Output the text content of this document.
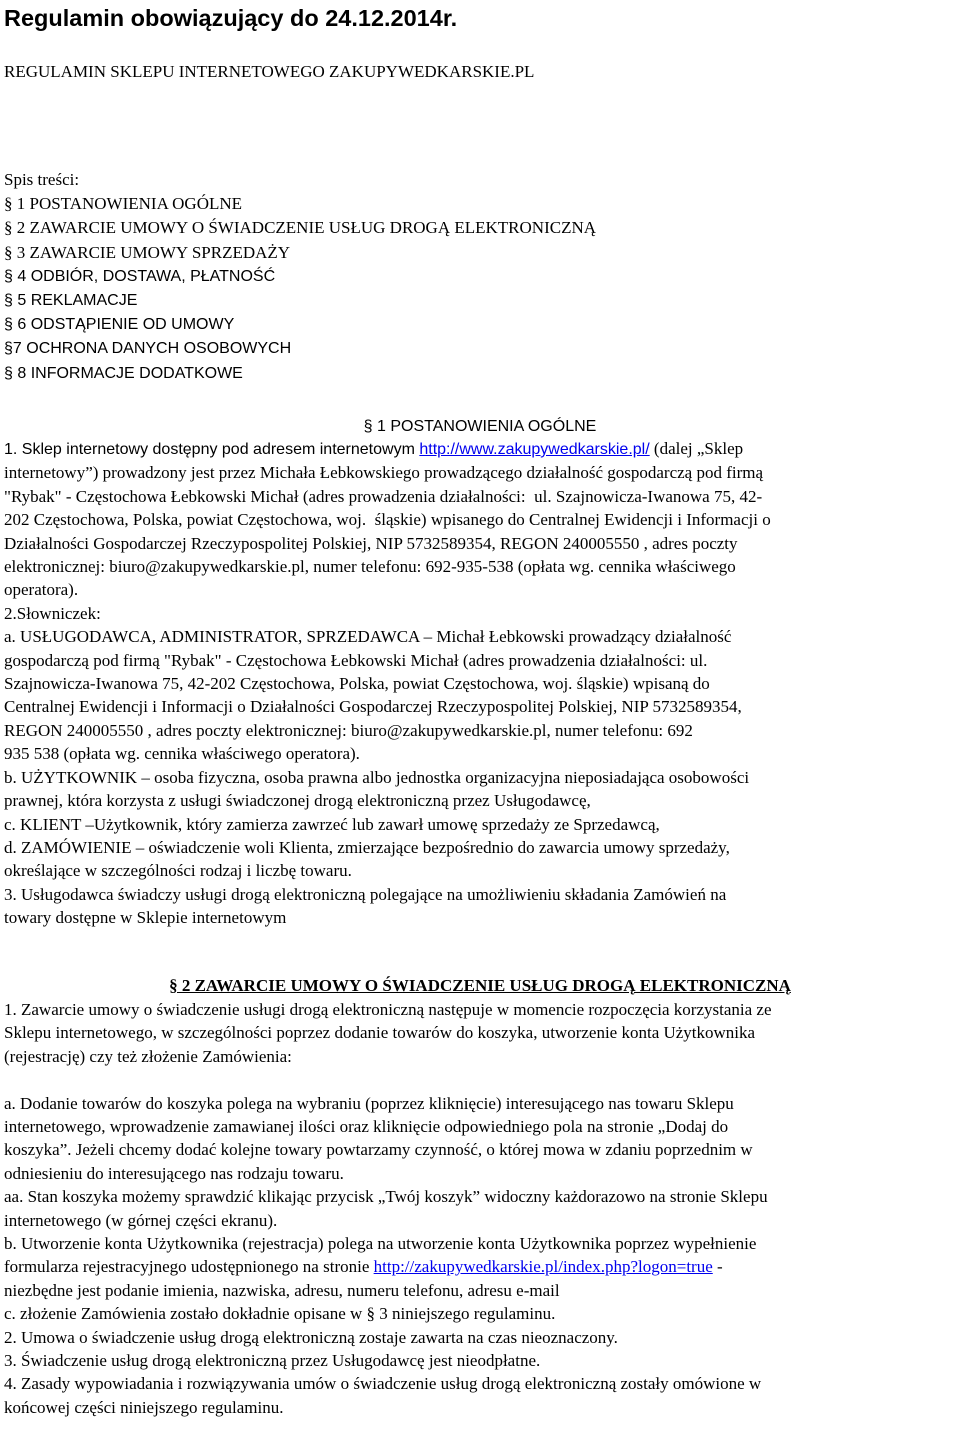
Regulamin obowiązujący do 24.12.2014r.
REGULAMIN SKLEPU INTERNETOWEGO ZAKUPYWEDKARSKIE.PL
Spis treści:
§ 1 POSTANOWIENIA OGÓLNE
§ 2 ZAWARCIE UMOWY O ŚWIADCZENIE USŁUG DROGĄ ELEKTRONICZNĄ
§ 3 ZAWARCIE UMOWY SPRZEDAŻY
§ 4 ODBIÓR, DOSTAWA, PŁATNOŚĆ
§ 5 REKLAMACJE
§ 6 ODSTĄPIENIE OD UMOWY
§7 OCHRONA DANYCH OSOBOWYCH
§ 8 INFORMACJE DODATKOWE
§ 1 POSTANOWIENIA OGÓLNE
1. Sklep internetowy dostępny pod adresem internetowym http://www.zakupywedkarskie.pl/ (dalej „Sklep
internetowy”) prowadzony jest przez Michała Łebkowskiego prowadzącego działalność gospodarczą pod firmą
"Rybak" - Częstochowa Łebkowski Michał (adres prowadzenia działalności: ul. Szajnowicza-Iwanowa 75, 42-
202 Częstochowa, Polska, powiat Częstochowa, woj. śląskie) wpisanego do Centralnej Ewidencji i Informacji o
Działalności Gospodarczej Rzeczypospolitej Polskiej, NIP 5732589354, REGON 240005550 , adres poczty
elektronicznej: biuro@zakupywedkarskie.pl, numer telefonu: 692-935-538 (opłata wg. cennika właściwego
operatora).
2.Słowniczek:
a. USŁUGODAWCA, ADMINISTRATOR, SPRZEDAWCA – Michał Łebkowski prowadzący działalność
gospodarczą pod firmą "Rybak" - Częstochowa Łebkowski Michał (adres prowadzenia działalności: ul.
Szajnowicza-Iwanowa 75, 42-202 Częstochowa, Polska, powiat Częstochowa, woj. śląskie) wpisaną do
Centralnej Ewidencji i Informacji o Działalności Gospodarczej Rzeczypospolitej Polskiej, NIP 5732589354,
REGON 240005550 , adres poczty elektronicznej: biuro@zakupywedkarskie.pl, numer telefonu: 692
935 538 (opłata wg. cennika właściwego operatora).
b. UŻYTKOWNIK – osoba fizyczna, osoba prawna albo jednostka organizacyjna nieposiadająca osobowości
prawnej, która korzysta z usługi świadczonej drogą elektroniczną przez Usługodawcę,
c. KLIENT –Użytkownik, który zamierza zawrzeć lub zawarł umowę sprzedaży ze Sprzedawcą,
d. ZAMÓWIENIE – oświadczenie woli Klienta, zmierzające bezpośrednio do zawarcia umowy sprzedaży,
określające w szczególności rodzaj i liczbę towaru.
3. Usługodawca świadczy usługi drogą elektroniczną polegające na umożliwieniu składania Zamówień na
towary dostępne w Sklepie internetowym
§ 2 ZAWARCIE UMOWY O ŚWIADCZENIE USŁUG DROGĄ ELEKTRONICZNĄ
1. Zawarcie umowy o świadczenie usługi drogą elektroniczną następuje w momencie rozpoczęcia korzystania ze
Sklepu internetowego, w szczególności poprzez dodanie towarów do koszyka, utworzenie konta Użytkownika
(rejestrację) czy też złożenie Zamówienia:
a. Dodanie towarów do koszyka polega na wybraniu (poprzez kliknięcie) interesującego nas towaru Sklepu
internetowego, wprowadzenie zamawianej ilości oraz kliknięcie odpowiedniego pola na stronie „Dodaj do
koszyka”. Jeżeli chcemy dodać kolejne towary powtarzamy czynność, o której mowa w zdaniu poprzednim w
odniesieniu do interesującego nas rodzaju towaru.
aa. Stan koszyka możemy sprawdzić klikając przycisk „Twój koszyk” widoczny każdorazowo na stronie Sklepu
internetowego (w górnej części ekranu).
b. Utworzenie konta Użytkownika (rejestracja) polega na utworzenie konta Użytkownika poprzez wypełnienie
formularza rejestracyjnego udostępnionego na stronie http://zakupywedkarskie.pl/index.php?logon=true -
niezbędne jest podanie imienia, nazwiska, adresu, numeru telefonu, adresu e-mail
c. złożenie Zamówienia zostało dokładnie opisane w § 3 niniejszego regulaminu.
2. Umowa o świadczenie usług drogą elektroniczną zostaje zawarta na czas nieoznaczony.
3. Świadczenie usług drogą elektroniczną przez Usługodawcę jest nieodpłatne.
4. Zasady wypowiadania i rozwiązywania umów o świadczenie usług drogą elektroniczną zostały omówione w
końcowej części niniejszego regulaminu.
